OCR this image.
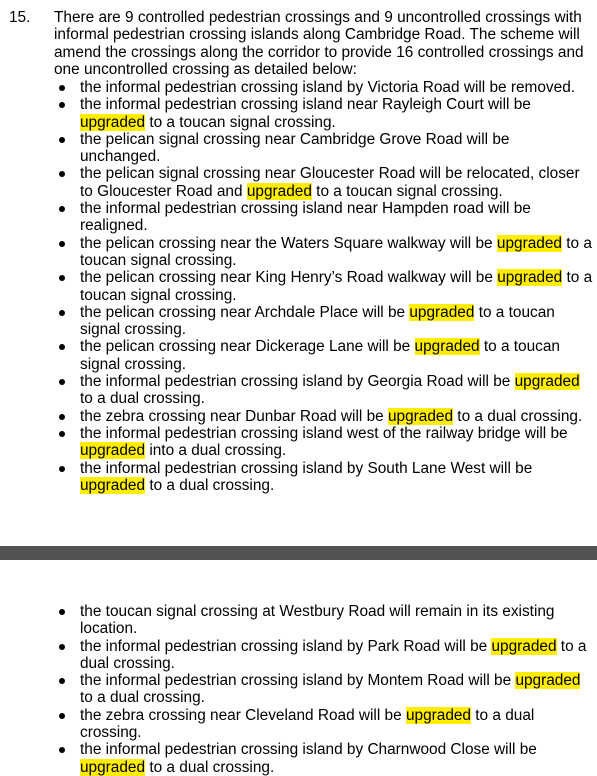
15. There are 9 controlled pedestrian crossings and 9 uncontrolled crossings with informal pedestrian crossing islands along Cambridge Road. The scheme will amend the crossings along the corridor to provide 16 controlled crossings and one uncontrolled crossing as detailed below:

the informal pedestrian crossing island by Victoria Road will be removed.
the informal pedestrian crossing island near Rayleigh Court will be upgraded to a toucan signal crossing.
the pelican signal crossing near Cambridge Grove Road will be unchanged.
the pelican signal crossing near Gloucester Road will be relocated, closer to Gloucester Road and upgraded to a toucan signal crossing.
the informal pedestrian crossing island near Hampden road will be realigned.
the pelican crossing near the Waters Square walkway will be upgraded to a toucan signal crossing.
the pelican crossing near King Henry’s Road walkway will be upgraded to a toucan signal crossing.
the pelican crossing near Archdale Place will be upgraded to a toucan signal crossing.
the pelican crossing near Dickerage Lane will be upgraded to a toucan signal crossing.
the informal pedestrian crossing island by Georgia Road will be upgraded to a dual crossing.
the zebra crossing near Dunbar Road will be upgraded to a dual crossing.
the informal pedestrian crossing island west of the railway bridge will be upgraded into a dual crossing.
the informal pedestrian crossing island by South Lane West will be upgraded to a dual crossing.
the toucan signal crossing at Westbury Road will remain in its existing location.
the informal pedestrian crossing island by Park Road will be upgraded to a dual crossing.
the informal pedestrian crossing island by Montem Road will be upgraded to a dual crossing.
the zebra crossing near Cleveland Road will be upgraded to a dual crossing.
the informal pedestrian crossing island by Charnwood Close will be upgraded to a dual crossing.
